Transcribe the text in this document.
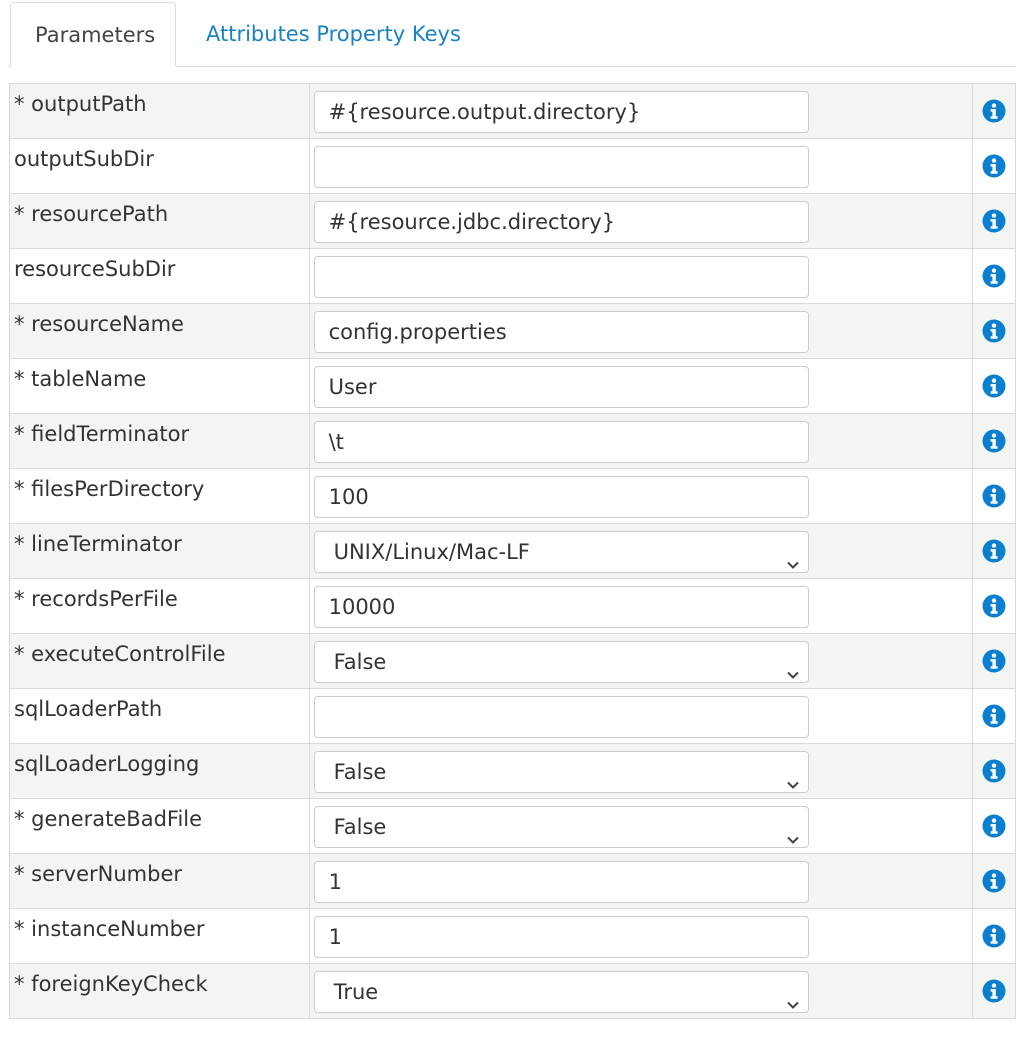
Parameters	Attributes Property Keys
* outputPath	#{resource.output.directory}

outputSubDir

* resourcePath	#{resource.jdbc.directory}

resourceSubDir

* resourceName	config.properties

* tableName	User

* fieldTerminator	\t

* filesPerDirectory	100

* lineTerminator	UNIX/Linux/Mac-LF

* recordsPerFile	10000

* executeControlFile	False

sqlLoaderPath

sqlLoaderLogging	False

* generateBadFile	False

* serverNumber	1

* instanceNumber	1

* foreignKeyCheck	True
